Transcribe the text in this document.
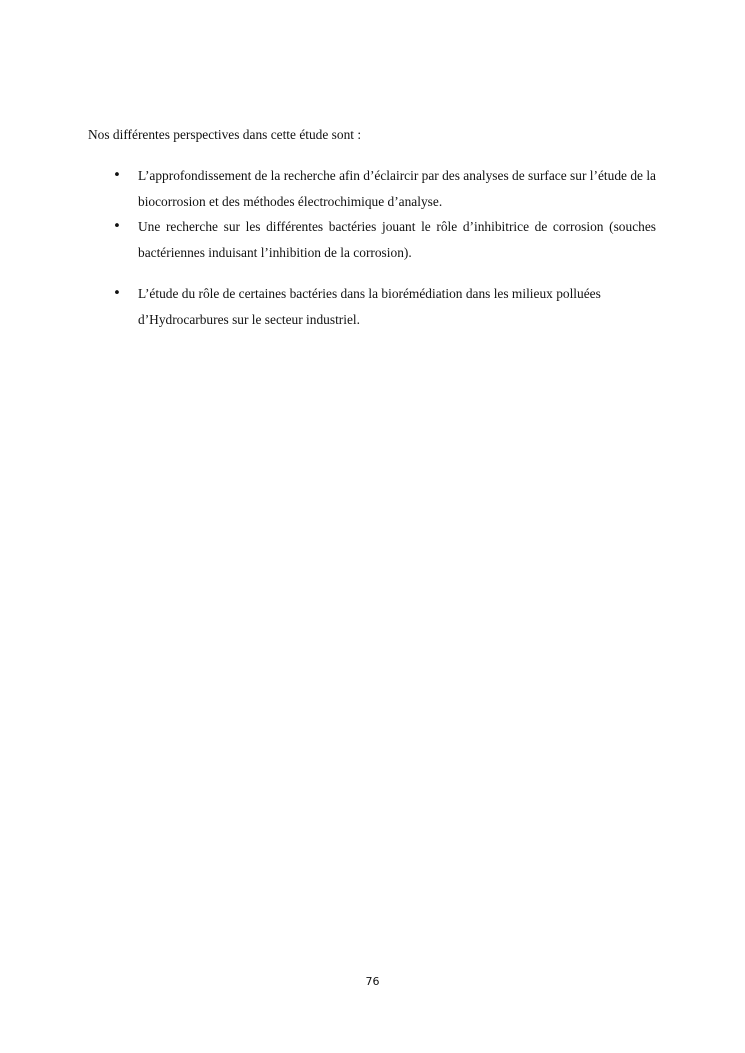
Nos différentes perspectives dans cette étude sont :
• L’approfondissement de la recherche afin d’éclaircir par des analyses de surface sur l’étude de la biocorrosion et des méthodes électrochimique d’analyse.
• Une recherche sur les différentes bactéries jouant le rôle d’inhibitrice de corrosion (souches bactériennes induisant l’inhibition de la corrosion).
• L’étude du rôle de certaines bactéries dans la biorémédiation dans les milieux polluées d’Hydrocarbures sur le secteur industriel.
76
